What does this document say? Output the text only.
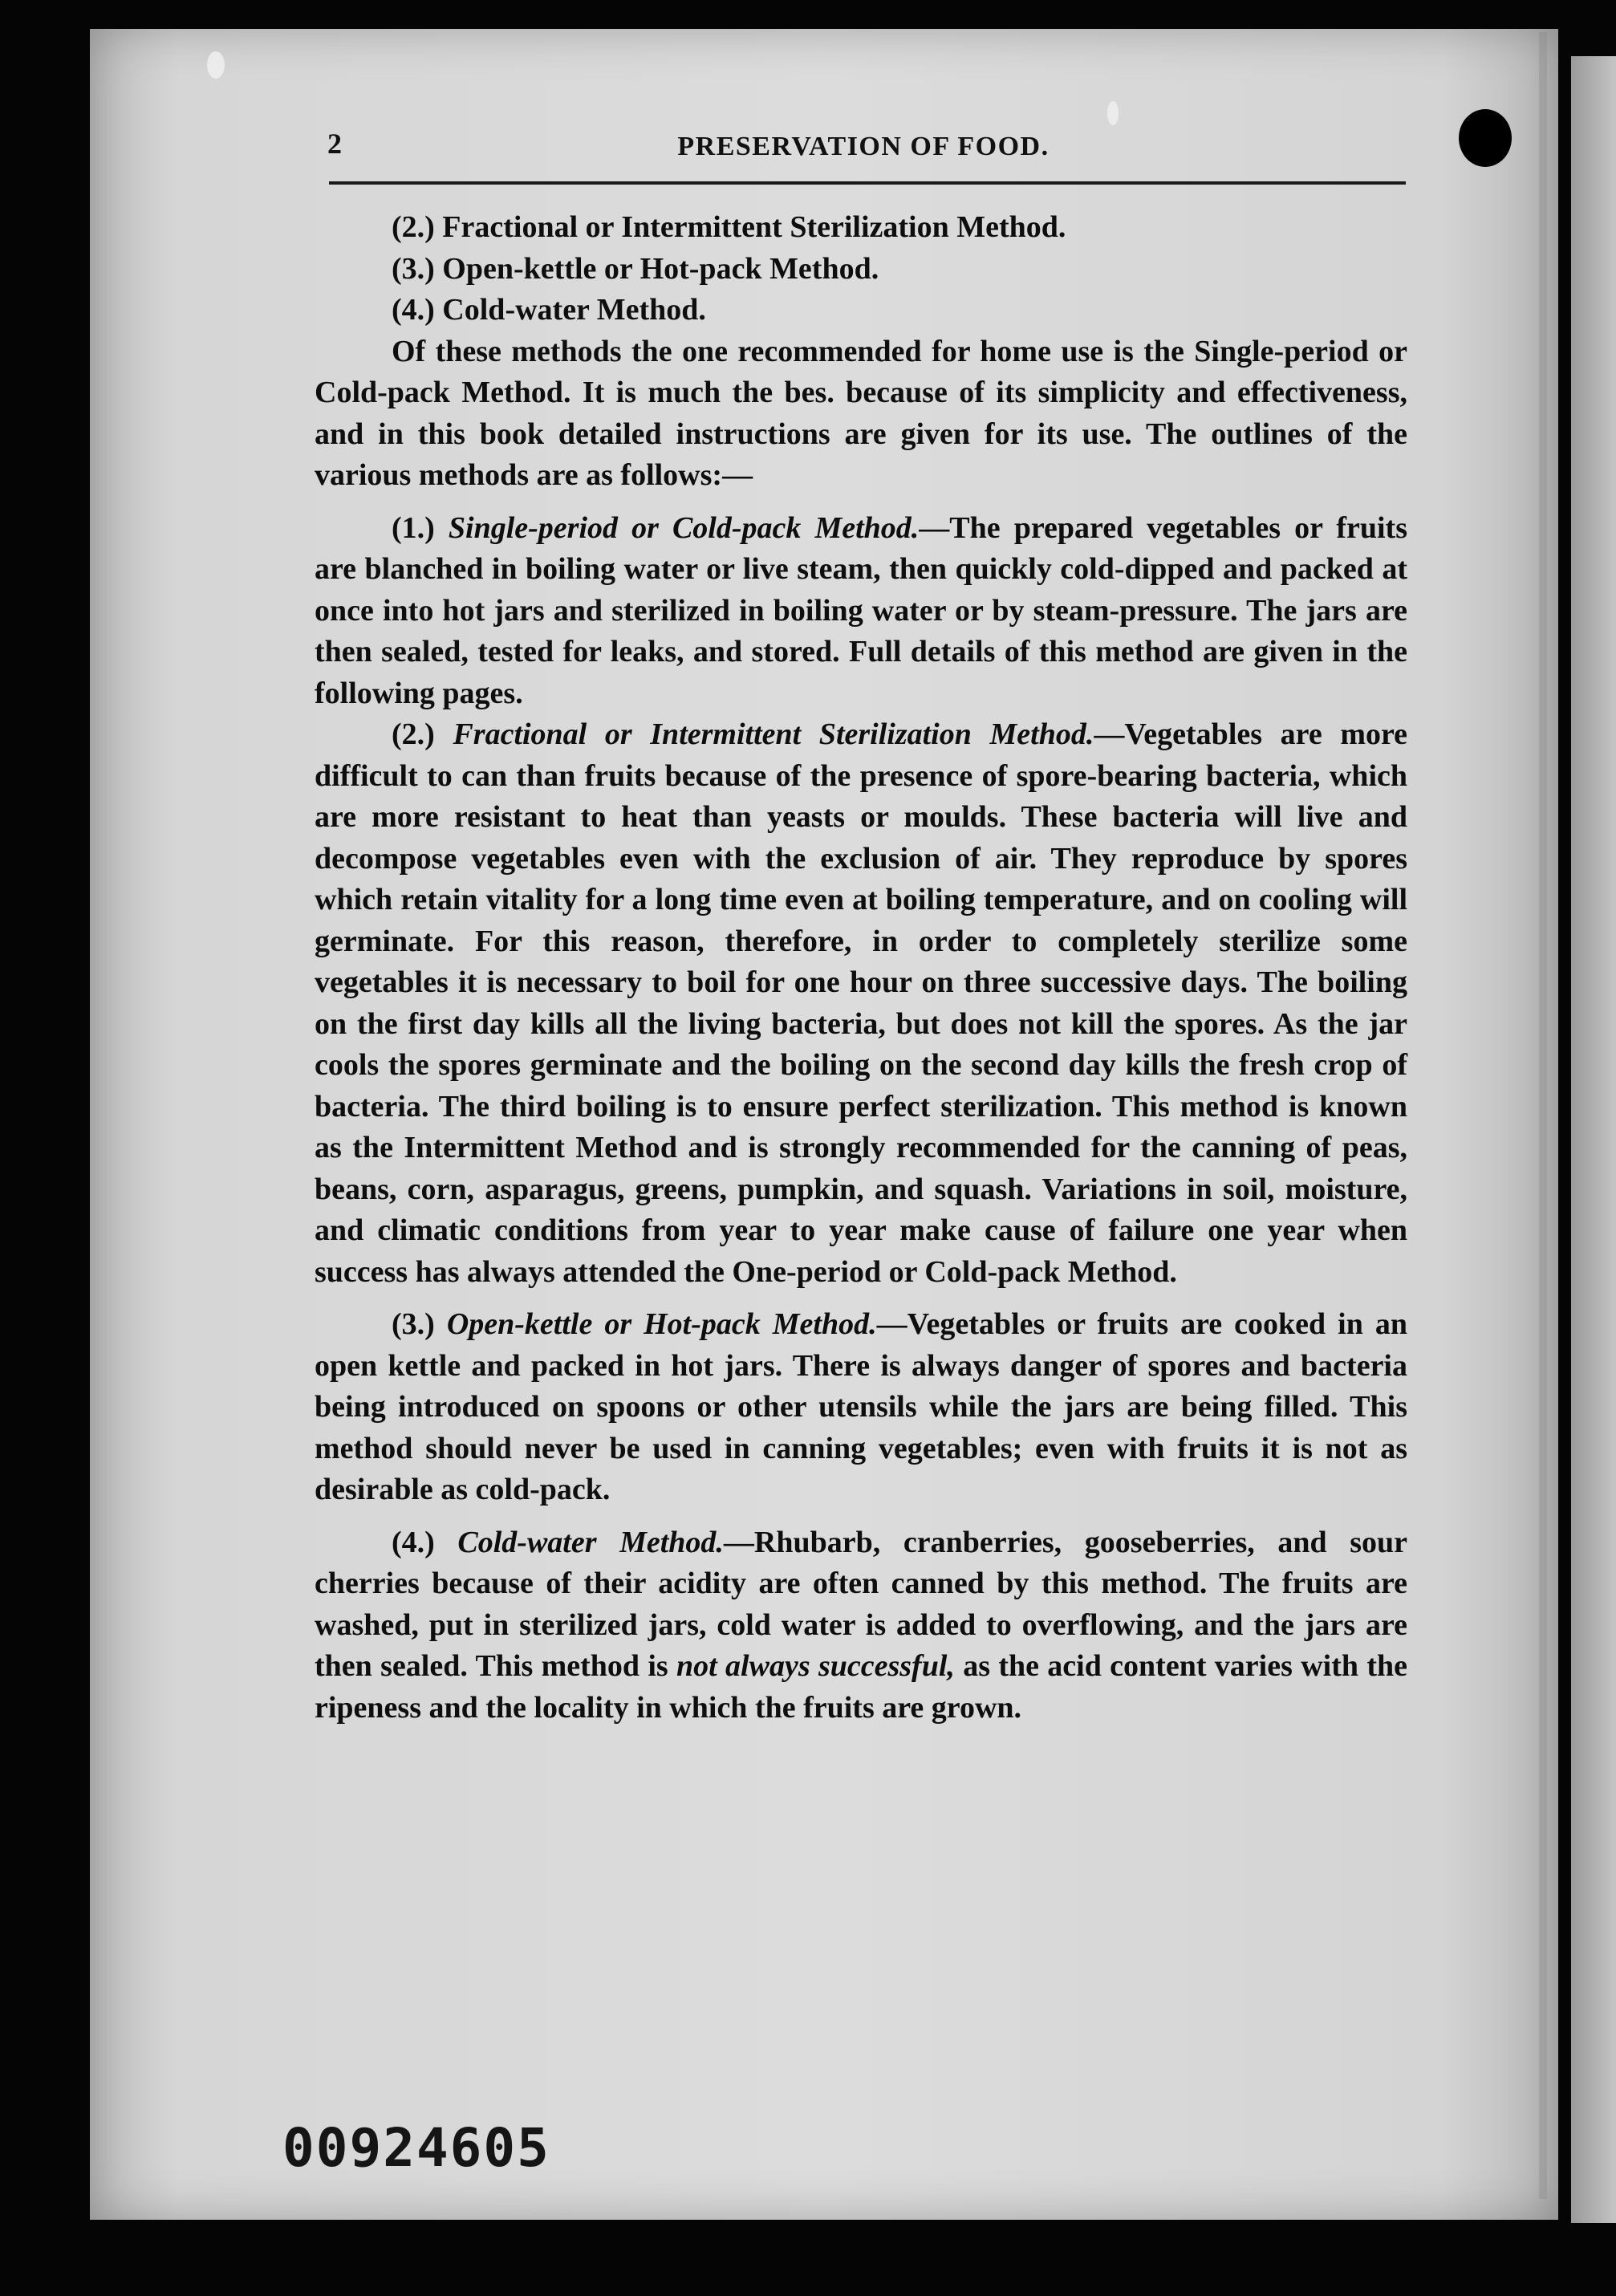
2	PRESERVATION OF FOOD.

(2.) Fractional or Intermittent Sterilization Method.

(3.) Open-kettle or Hot-pack Method.

(4.) Cold-water Method.

Of these methods the one recommended for home use is the Single-period or Cold-pack Method. It is much the bes. because of its simplicity and effectiveness, and in this book detailed instructions are given for its use. The outlines of the various methods are as follows:—

(1.) Single-period or Cold-pack Method.—The prepared vegetables or fruits are blanched in boiling water or live steam, then quickly cold-dipped and packed at once into hot jars and sterilized in boiling water or by steam-pressure. The jars are then sealed, tested for leaks, and stored. Full details of this method are given in the following pages.

(2.) Fractional or Intermittent Sterilization Method.—Vegetables are more difficult to can than fruits because of the presence of spore-bearing bacteria, which are more resistant to heat than yeasts or moulds. These bacteria will live and decompose vegetables even with the exclusion of air. They reproduce by spores which retain vitality for a long time even at boiling temperature, and on cooling will germinate. For this reason, therefore, in order to completely sterilize some vegetables it is necessary to boil for one hour on three successive days. The boiling on the first day kills all the living bacteria, but does not kill the spores. As the jar cools the spores germinate and the boiling on the second day kills the fresh crop of bacteria. The third boiling is to ensure perfect sterilization. This method is known as the Intermittent Method and is strongly recommended for the canning of peas, beans, corn, asparagus, greens, pumpkin, and squash. Variations in soil, moisture, and climatic conditions from year to year make cause of failure one year when success has always attended the One-period or Cold-pack Method.

(3.) Open-kettle or Hot-pack Method.—Vegetables or fruits are cooked in an open kettle and packed in hot jars. There is always danger of spores and bacteria being introduced on spoons or other utensils while the jars are being filled. This method should never be used in canning vegetables; even with fruits it is not as desirable as cold-pack.

(4.) Cold-water Method.—Rhubarb, cranberries, gooseberries, and sour cherries because of their acidity are often canned by this method. The fruits are washed, put in sterilized jars, cold water is added to overflowing, and the jars are then sealed. This method is not always successful, as the acid content varies with the ripeness and the locality in which the fruits are grown.

00924605
